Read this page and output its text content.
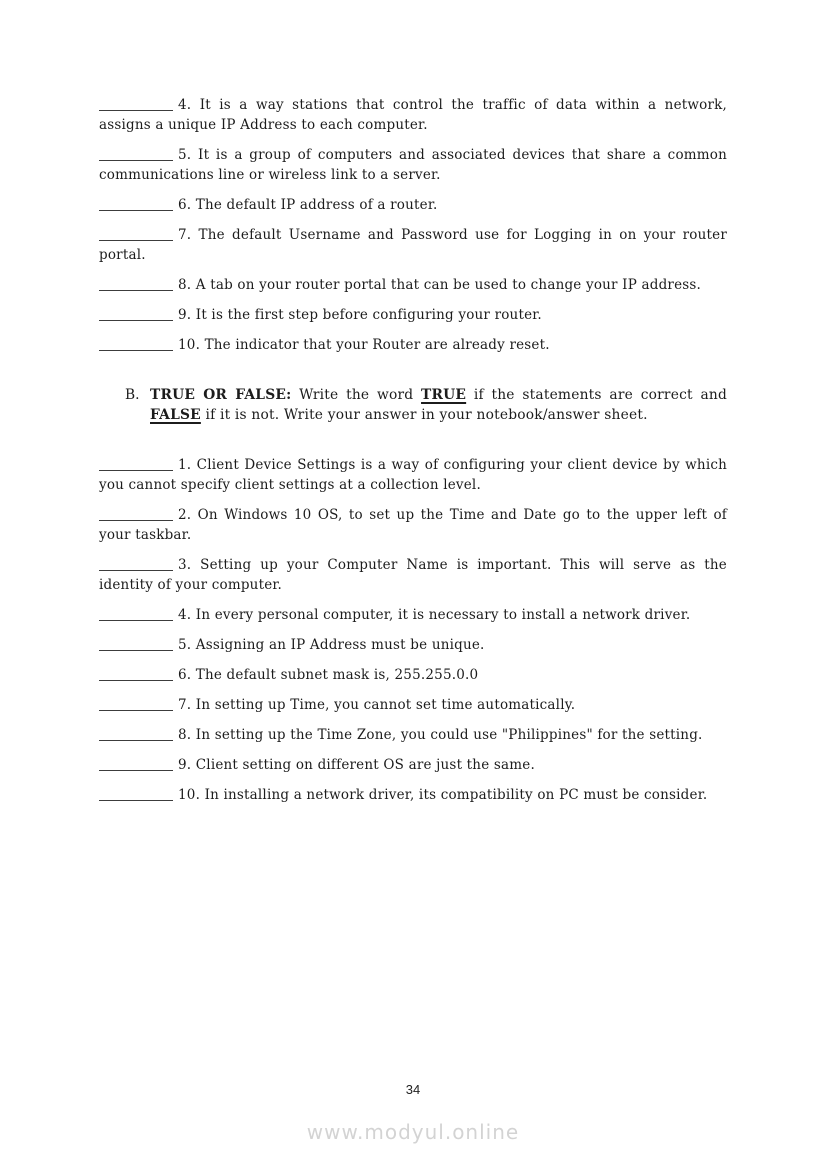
4. It is a way stations that control the traffic of data within a network, assigns a unique IP Address to each computer.

5. It is a group of computers and associated devices that share a common communications line or wireless link to a server.

6. The default IP address of a router.

7. The default Username and Password use for Logging in on your router portal.

8. A tab on your router portal that can be used to change your IP address.

9. It is the first step before configuring your router.

10. The indicator that your Router are already reset.

B. TRUE OR FALSE: Write the word TRUE if the statements are correct and FALSE if it is not. Write your answer in your notebook/answer sheet.

1. Client Device Settings is a way of configuring your client device by which you cannot specify client settings at a collection level.

2. On Windows 10 OS, to set up the Time and Date go to the upper left of your taskbar.

3. Setting up your Computer Name is important. This will serve as the identity of your computer.

4. In every personal computer, it is necessary to install a network driver.

5. Assigning an IP Address must be unique.

6. The default subnet mask is, 255.255.0.0

7. In setting up Time, you cannot set time automatically.

8. In setting up the Time Zone, you could use "Philippines" for the setting.

9. Client setting on different OS are just the same.

10. In installing a network driver, its compatibility on PC must be consider.

34
www.modyul.online
